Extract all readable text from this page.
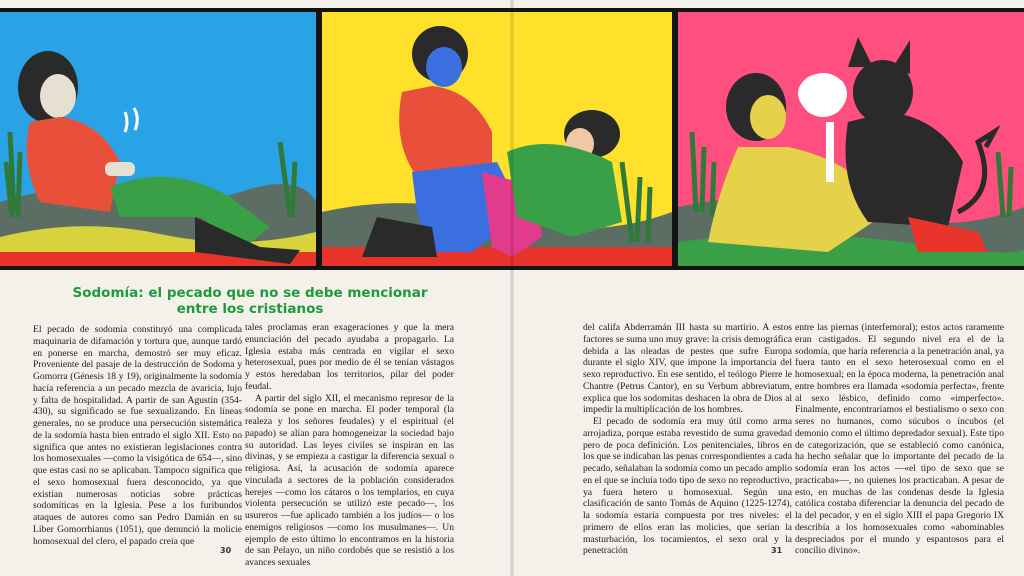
Sodomía: el pecado que no se debe mencionar
entre los cristianos

El pecado de sodomía constituyó una complicada maquinaria de difamación y tortura que, aunque tardó en ponerse en marcha, demostró ser muy eficaz. Proveniente del pasaje de la destrucción de Sodoma y Gomorra (Génesis 18 y 19), originalmente la sodomía hacía referencia a un pecado mezcla de avaricia, lujo y falta de hospitalidad. A partir de san Agustín (354-430), su significado se fue sexualizando. En líneas generales, no se produce una persecución sistemática de la sodomía hasta bien entrado el siglo XII. Esto no significa que antes no existieran legislaciones contra los homosexuales —como la visigótica de 654—, sino que estas casi no se aplicaban. Tampoco significa que el sexo homosexual fuera desconocido, ya que existían numerosas noticias sobre prácticas sodomíticas en la Iglesia. Pese a los furibundos ataques de autores como san Pedro Damián en su Liber Gomorrhianus (1051), que denunció la molicie homosexual del clero, el papado creía que

tales proclamas eran exageraciones y que la mera enunciación del pecado ayudaba a propagarlo. La Iglesia estaba más centrada en vigilar el sexo heterosexual, pues por medio de él se tenían vástagos y estos heredaban los territorios, pilar del poder feudal.

A partir del siglo XII, el mecanismo represor de la sodomía se pone en marcha. El poder temporal (la realeza y los señores feudales) y el espiritual (el papado) se alían para homogeneizar la sociedad bajo su autoridad. Las leyes civiles se inspiran en las divinas, y se empieza a castigar la diferencia sexual o religiosa. Así, la acusación de sodomía aparece vinculada a sectores de la población considerados herejes —como los cátaros o los templarios, en cuya violenta persecución se utilizó este pecado—, los usureros —fue aplicado también a los judíos— o los enemigos religiosos —como los musulmanes—. Un ejemplo de esto último lo encontramos en la historia de san Pelayo, un niño cordobés que se resistió a los avances sexuales

del califa Abderramán III hasta su martirio. A estos factores se suma uno muy grave: la crisis demográfica debida a las oleadas de pestes que sufre Europa durante el siglo XIV, que impone la importancia del sexo reproductivo. En ese sentido, el teólogo Pierre le Chantre (Petrus Cantor), en su Verbum abbreviatum, explica que los sodomitas deshacen la obra de Dios al impedir la multiplicación de los hombres.

El pecado de sodomía era muy útil como arma arrojadiza, porque estaba revestido de suma gravedad pero de poca definición. Los penitenciales, libros en los que se indicaban las penas correspondientes a cada pecado, señalaban la sodomía como un pecado amplio en el que se incluía todo tipo de sexo no reproductivo, ya fuera hetero u homosexual. Según una clasificación de santo Tomás de Aquino (1225-1274), la sodomía estaría compuesta por tres niveles: el primero de ellos eran las molicies, que serían la masturbación, los tocamientos, el sexo oral y la penetración

entre las piernas (interfemoral); estos actos raramente eran castigados. El segundo nivel era el de la sodomía, que haría referencia a la penetración anal, ya fuera tanto en el sexo heterosexual como en el homosexual; en la época moderna, la penetración anal entre hombres era llamada «sodomía perfecta», frente al sexo lésbico, definido como «imperfecto». Finalmente, encontraríamos el bestialismo o sexo con seres no humanos, como súcubos o íncubos (el demonio como el último depredador sexual). Este tipo de categorización, que se estableció como canónica, ha hecho señalar que lo importante del pecado de la sodomía eran los actos —«el tipo de sexo que se practicaba»—, no quienes los practicaban. A pesar de esto, en muchas de las condenas desde la Iglesia católica costaba diferenciar la denuncia del pecado de la del pecador, y en el siglo XIII el papa Gregorio IX describía a los homosexuales como «abominables despreciados por el mundo y espantosos para el concilio divino».

30	31
